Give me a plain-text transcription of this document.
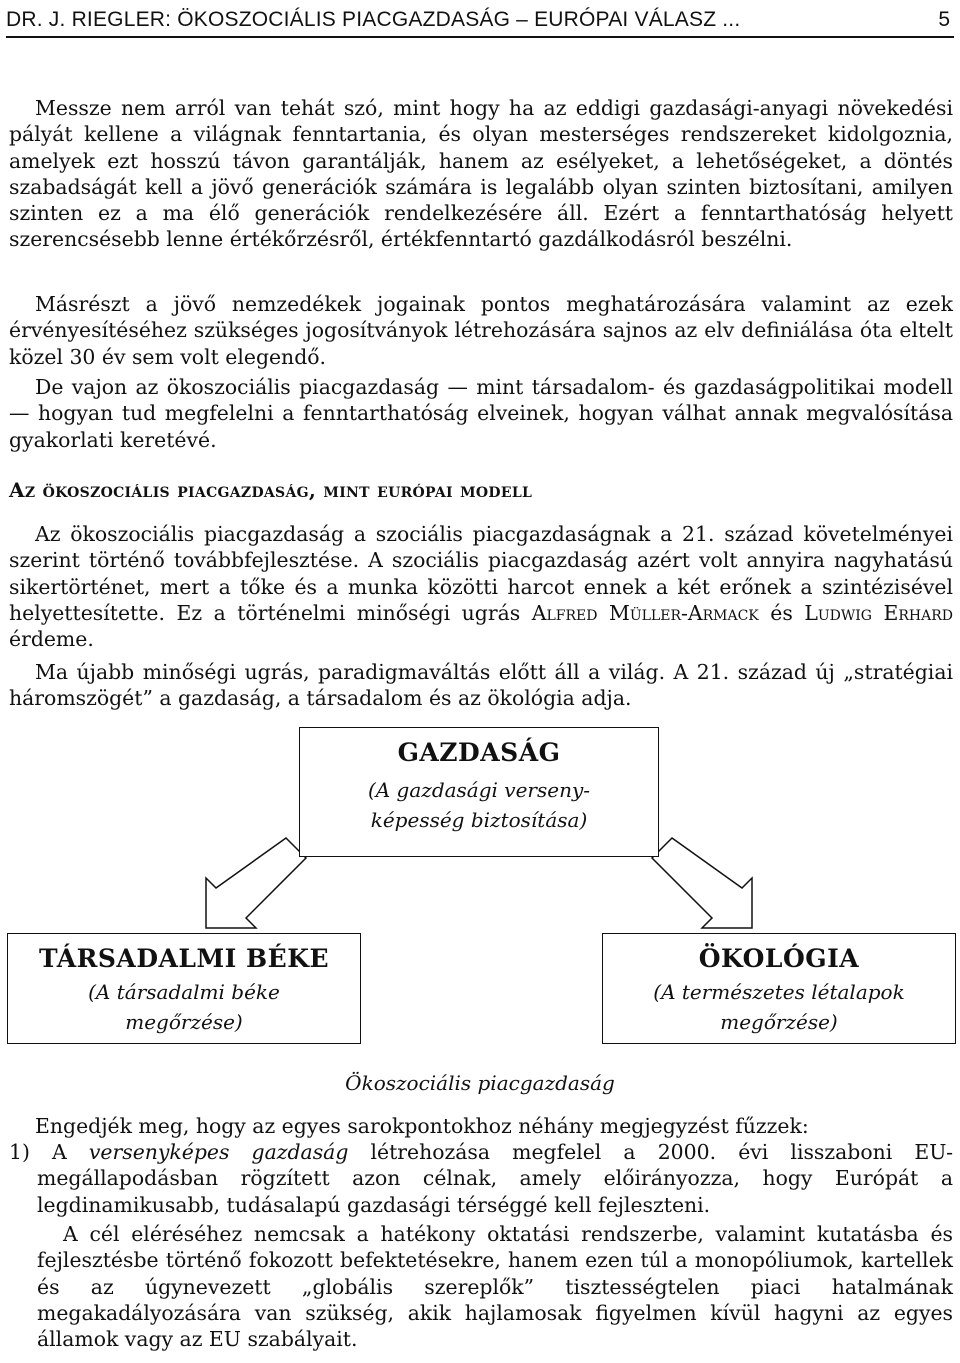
DR. J. RIEGLER: ÖKOSZOCIÁLIS PIACGAZDASÁG – EURÓPAI VÁLASZ ...	5

Messze nem arról van tehát szó, mint hogy ha az eddigi gazdasági-anyagi növekedési pályát kellene a világnak fenntartania, és olyan mesterséges rendszereket kidolgoznia, amelyek ezt hosszú távon garantálják, hanem az esélyeket, a lehetőségeket, a döntés szabadságát kell a jövő generációk számára is legalább olyan szinten biztosítani, amilyen szinten ez a ma élő generációk rendelkezésére áll. Ezért a fenntarthatóság helyett szerencsésebb lenne értékőrzésről, értékfenntartó gazdálkodásról beszélni.

Másrészt a jövő nemzedékek jogainak pontos meghatározására valamint az ezek érvényesítéséhez szükséges jogosítványok létrehozására sajnos az elv definiálása óta eltelt közel 30 év sem volt elegendő.

De vajon az ökoszociális piacgazdaság — mint társadalom- és gazdaságpolitikai modell — hogyan tud megfelelni a fenntarthatóság elveinek, hogyan válhat annak megvalósítása gyakorlati keretévé.

Az ökoszociális piacgazdaság, mint európai modell

Az ökoszociális piacgazdaság a szociális piacgazdaságnak a 21. század követelményei szerint történő továbbfejlesztése. A szociális piacgazdaság azért volt annyira nagyhatású sikertörténet, mert a tőke és a munka közötti harcot ennek a két erőnek a szintézisével helyettesítette. Ez a történelmi minőségi ugrás Alfred Müller-Armack és Ludwig Erhard érdeme.

Ma újabb minőségi ugrás, paradigmaváltás előtt áll a világ. A 21. század új „stratégiai háromszögét” a gazdaság, a társadalom és az ökológia adja.

GAZDASÁG
(A gazdasági verseny-
képesség biztosítása)
TÁRSADALMI BÉKE
(A társadalmi béke
megőrzése)
ÖKOLÓGIA
(A természetes létalapok
megőrzése)
Ökoszociális piacgazdaság

Engedjék meg, hogy az egyes sarokpontokhoz néhány megjegyzést fűzzek:

1) A versenyképes gazdaság létrehozása megfelel a 2000. évi lisszaboni EU-megállapodásban rögzített azon célnak, amely előirányozza, hogy Európát a legdinamikusabb, tudásalapú gazdasági térséggé kell fejleszteni.

A cél eléréséhez nemcsak a hatékony oktatási rendszerbe, valamint kutatásba és fejlesztésbe történő fokozott befektetésekre, hanem ezen túl a monopóliumok, kartellek és az úgynevezett „globális szereplők” tisztességtelen piaci hatalmának megakadályozására van szükség, akik hajlamosak figyelmen kívül hagyni az egyes államok vagy az EU szabályait.
